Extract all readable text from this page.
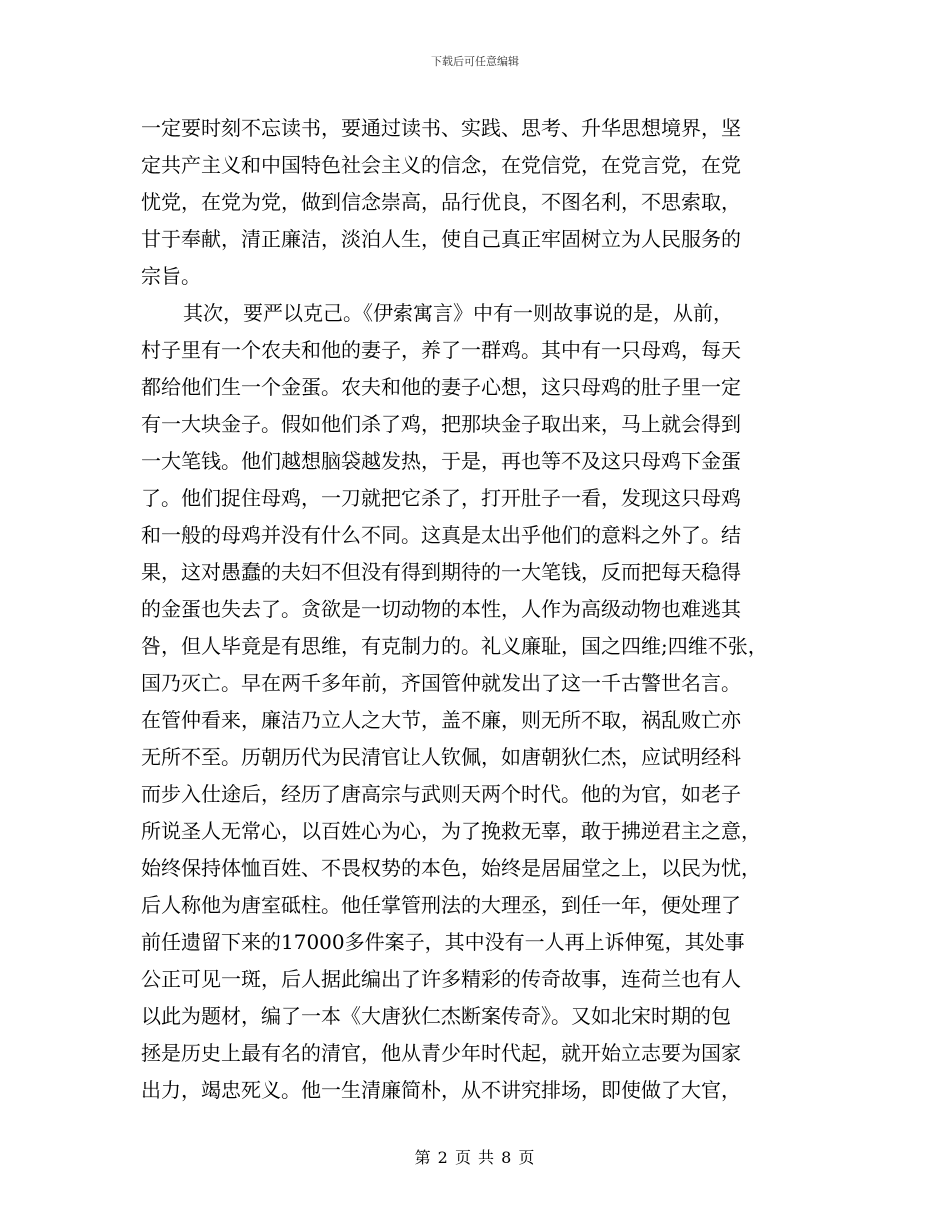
下载后可任意编辑
一定要时刻不忘读书，要通过读书、实践、思考、升华思想境界，坚
定共产主义和中国特色社会主义的信念，在党信党，在党言党，在党
忧党，在党为党，做到信念崇高，品行优良，不图名利，不思索取，
甘于奉献，清正廉洁，淡泊人生，使自己真正牢固树立为人民服务的
宗旨。
其次，要严以克己。《伊索寓言》中有一则故事说的是，从前，
村子里有一个农夫和他的妻子，养了一群鸡。其中有一只母鸡，每天
都给他们生一个金蛋。农夫和他的妻子心想，这只母鸡的肚子里一定
有一大块金子。假如他们杀了鸡，把那块金子取出来，马上就会得到
一大笔钱。他们越想脑袋越发热，于是，再也等不及这只母鸡下金蛋
了。他们捉住母鸡，一刀就把它杀了，打开肚子一看，发现这只母鸡
和一般的母鸡并没有什么不同。这真是太出乎他们的意料之外了。结
果，这对愚蠢的夫妇不但没有得到期待的一大笔钱，反而把每天稳得
的金蛋也失去了。贪欲是一切动物的本性，人作为高级动物也难逃其
咎，但人毕竟是有思维，有克制力的。礼义廉耻，国之四维;四维不张，
国乃灭亡。早在两千多年前，齐国管仲就发出了这一千古警世名言。
在管仲看来，廉洁乃立人之大节，盖不廉，则无所不取，祸乱败亡亦
无所不至。历朝历代为民清官让人钦佩，如唐朝狄仁杰，应试明经科
而步入仕途后，经历了唐高宗与武则天两个时代。他的为官，如老子
所说圣人无常心，以百姓心为心，为了挽救无辜，敢于拂逆君主之意，
始终保持体恤百姓、不畏权势的本色，始终是居届堂之上，以民为忧，
后人称他为唐室砥柱。他任掌管刑法的大理丞，到任一年，便处理了
前任遗留下来的17000多件案子，其中没有一人再上诉伸冤，其处事
公正可见一斑，后人据此编出了许多精彩的传奇故事，连荷兰也有人
以此为题材，编了一本《大唐狄仁杰断案传奇》。又如北宋时期的包
拯是历史上最有名的清官，他从青少年时代起，就开始立志要为国家
出力，竭忠死义。他一生清廉简朴，从不讲究排场，即使做了大官，
第 2 页 共 8 页
